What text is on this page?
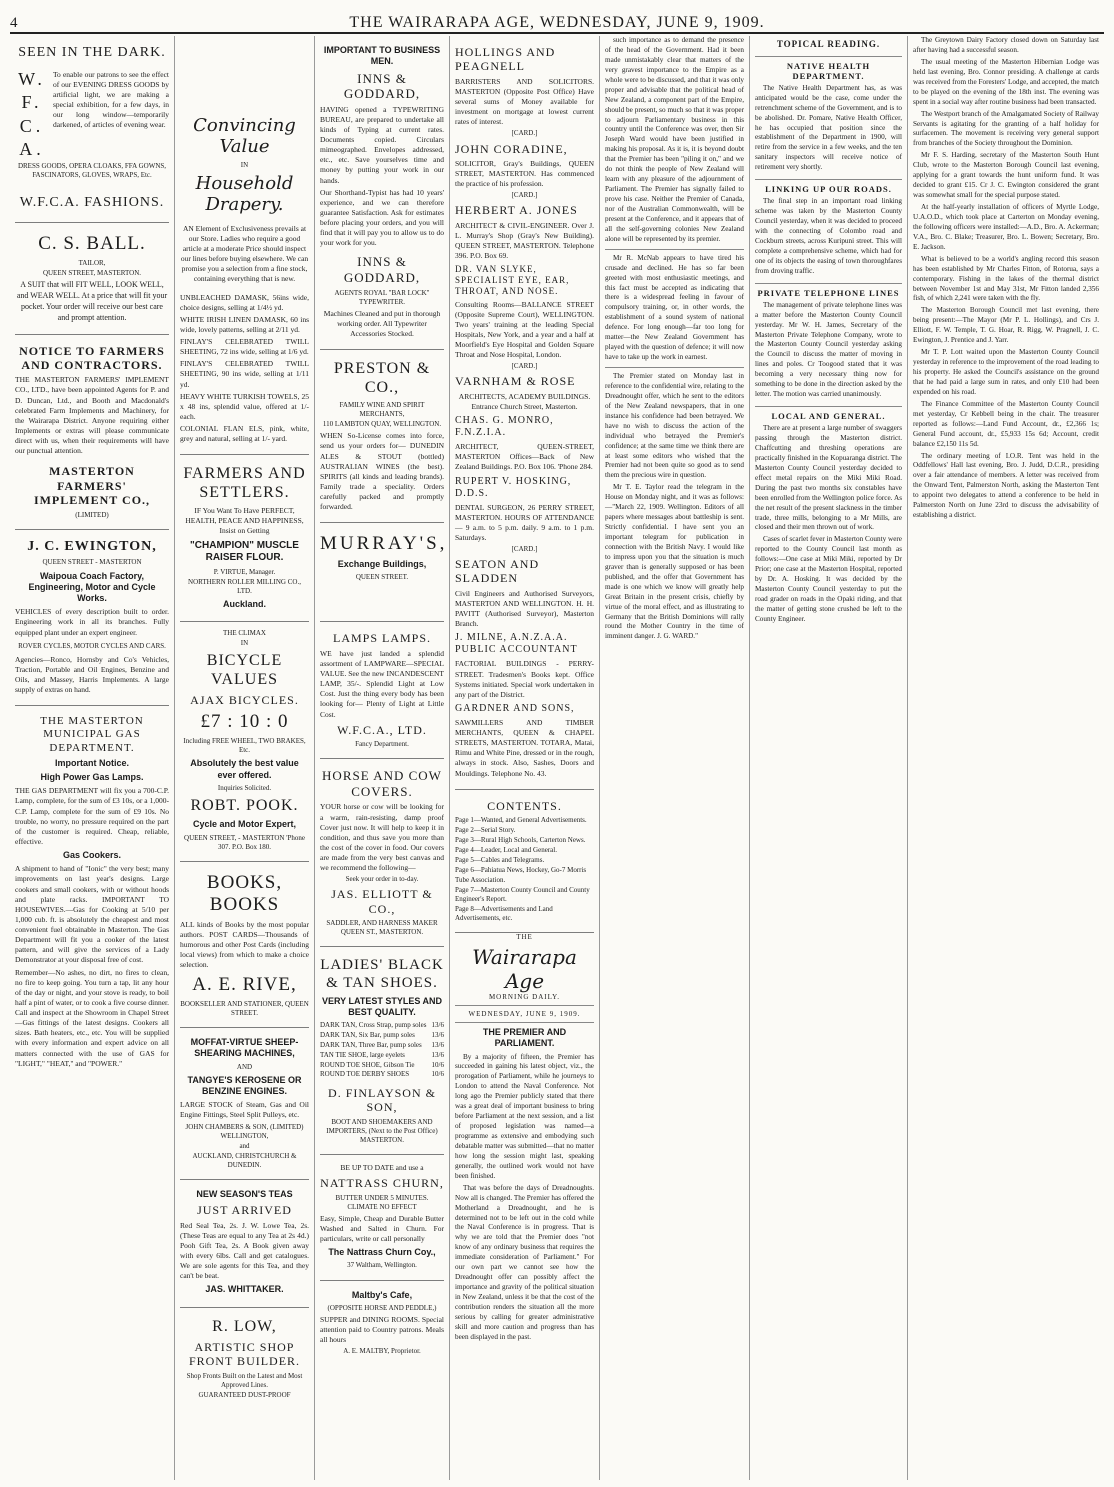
4	THE WAIRARAPA AGE, WEDNESDAY, JUNE 9, 1909.
SEEN IN THE DARK.
W. F. C. A.
To enable our patrons to see the effect of our EVENING DRESS GOODS by artificial light, we are making a special exhibition, for a few days, in our long window—temporarily darkened, of articles of evening wear.
DRESS GOODS, OPERA CLOAKS, FFA GOWNS, FASCINATORS, GLOVES, WRAPS, Etc.
W.F.C.A. FASHIONS.
C. S. BALL.
TAILOR,
QUEEN STREET, MASTERTON.
A SUIT that will FIT WELL, LOOK WELL, and WEAR WELL. At a price that will fit your pocket. Your order will receive our best care and prompt attention.
NOTICE TO FARMERS AND CONTRACTORS.
THE MASTERTON FARMERS' IMPLEMENT CO., LTD., have been appointed Agents for P. and D. Duncan, Ltd., and Booth and Macdonald's celebrated Farm Implements and Machinery, for the Wairarapa District. Anyone requiring either Implements or extras will please communicate direct with us, when their requirements will have our punctual attention.
MASTERTON FARMERS' IMPLEMENT CO.,
(LIMITED)
J. C. EWINGTON,
QUEEN STREET - MASTERTON
Waipoua Coach Factory, Engineering, Motor and Cycle Works.
VEHICLES of every description built to order. Engineering work in all its branches. Fully equipped plant under an expert engineer.
ROVER CYCLES, MOTOR CYCLES AND CARS.
Agencies—Ronco, Hornsby and Co's Vehicles, Traction, Portable and Oil Engines, Benzine and Oils, and Massey, Harris Implements. A large supply of extras on hand.
THE MASTERTON MUNICIPAL GAS DEPARTMENT.
Important Notice.
High Power Gas Lamps.
THE GAS DEPARTMENT will fix you a 700-C.P. Lamp, complete, for the sum of £3 10s, or a 1,000-C.P. Lamp, complete for the sum of £9 10s. No trouble, no worry, no pressure required on the part of the customer is required. Cheap, reliable, effective.
Gas Cookers.
A shipment to hand of "Ionic" the very best; many improvements on last year's designs. Large cookers and small cookers, with or without hoods and plate racks. IMPORTANT TO HOUSEWIVES.—Gas for Cooking at 5/10 per 1,000 cub. ft. is absolutely the cheapest and most convenient fuel obtainable in Masterton. The Gas Department will fit you a cooker of the latest pattern, and will give the services of a Lady Demonstrator at your disposal free of cost.
Remember—No ashes, no dirt, no fires to clean, no fire to keep going. You turn a tap, lit any hour of the day or night, and your stove is ready, to boil half a pint of water, or to cook a five course dinner. Call and inspect at the Showroom in Chapel Street—Gas fittings of the latest designs. Cookers all sizes. Bath heaters, etc., etc. You will be supplied with every information and expert advice on all matters connected with the use of GAS for "LIGHT," "HEAT," and "POWER."
Convincing Value
IN
Household Drapery.
AN Element of Exclusiveness prevails at our Store. Ladies who require a good article at a moderate Price should inspect our lines before buying elsewhere. We can promise you a selection from a fine stock, containing everything that is new.
UNBLEACHED DAMASK, 56ins wide, choice designs, selling at 1/4½ yd.
WHITE IRISH LINEN DAMASK, 60 ins wide, lovely patterns, selling at 2/11 yd.
FINLAY'S CELEBRATED TWILL SHEETING, 72 ins wide, selling at 1/6 yd.
FINLAY'S CELEBRATED TWILL SHEETING, 90 ins wide, selling at 1/11 yd.
HEAVY WHITE TURKISH TOWELS, 25 x 48 ins, splendid value, offered at 1/- each.
COLONIAL FLAN ELS, pink, white, grey and natural, selling at 1/- yard.
FARMERS AND SETTLERS.
IF You Want To Have PERFECT, HEALTH, PEACE AND HAPPINESS, Insist on Getting
"CHAMPION" MUSCLE RAISER FLOUR.
P. VIRTUE, Manager.
NORTHERN ROLLER MILLING CO., LTD.
Auckland.
THE CLIMAX
IN
BICYCLE VALUES
AJAX BICYCLES.
£7 : 10 : 0
Including FREE WHEEL, TWO BRAKES, Etc.
Absolutely the best value ever offered.
Inquiries Solicited.
ROBT. POOK.
Cycle and Motor Expert,
QUEEN STREET, - MASTERTON 'Phone 307. P.O. Box 180.
BOOKS, BOOKS
ALL kinds of Books by the most popular authors. POST CARDS—Thousands of humorous and other Post Cards (including local views) from which to make a choice selection.
A. E. RIVE,
BOOKSELLER AND STATIONER, QUEEN STREET.
MOFFAT-VIRTUE SHEEP-SHEARING MACHINES,
AND
TANGYE'S KEROSENE OR BENZINE ENGINES.
LARGE STOCK of Steam, Gas and Oil Engine Fittings, Steel Split Pulleys, etc.
JOHN CHAMBERS & SON, (LIMITED) WELLINGTON,
and
AUCKLAND, CHRISTCHURCH & DUNEDIN.
NEW SEASON'S TEAS
JUST ARRIVED
Red Seal Tea, 2s. J. W. Lowe Tea, 2s. (These Teas are equal to any Tea at 2s 4d.) Pooh Gift Tea, 2s. A Book given away with every 6lbs. Call and get catalogues. We are sole agents for this Tea, and they can't be beat.
JAS. WHITTAKER.
R. LOW,
ARTISTIC SHOP FRONT BUILDER.
Shop Fronts Built on the Latest and Most Approved Lines.
GUARANTEED DUST-PROOF
IMPORTANT TO BUSINESS MEN.
INNS & GODDARD,
HAVING opened a TYPEWRITING BUREAU, are prepared to undertake all kinds of Typing at current rates. Documents copied. Circulars mimeographed. Envelopes addressed, etc., etc. Save yourselves time and money by putting your work in our hands.
Our Shorthand-Typist has had 10 years' experience, and we can therefore guarantee Satisfaction. Ask for estimates before placing your orders, and you will find that it will pay you to allow us to do your work for you.
INNS & GODDARD,
AGENTS ROYAL "BAR LOCK" TYPEWRITER.
Machines Cleaned and put in thorough working order. All Typewriter Accessories Stocked.
PRESTON & CO.,
FAMILY WINE AND SPIRIT MERCHANTS,
110 LAMBTON QUAY, WELLINGTON.
WHEN So-License comes into force, send us your orders for— DUNEDIN ALES & STOUT (bottled) AUSTRALIAN WINES (the best). SPIRITS (all kinds and leading brands). Family trade a speciality. Orders carefully packed and promptly forwarded.
MURRAY'S,
Exchange Buildings,
QUEEN STREET.
LAMPS LAMPS.
WE have just landed a splendid assortment of LAMPWARE—SPECIAL VALUE. See the new INCANDESCENT LAMP, 35/-. Splendid Light at Low Cost. Just the thing every body has been looking for— Plenty of Light at Little Cost.
W.F.C.A., LTD.
Fancy Department.
HORSE AND COW COVERS.
YOUR horse or cow will be looking for a warm, rain-resisting, damp proof Cover just now. It will help to keep it in condition, and thus save you more than the cost of the cover in food. Our covers are made from the very best canvas and we recommend the following—
Seek your order in to-day.
JAS. ELLIOTT & CO.,
SADDLER, AND HARNESS MAKER QUEEN ST., MASTERTON.
LADIES' BLACK & TAN SHOES.
VERY LATEST STYLES AND BEST QUALITY.
DARK TAN, Cross Strap, pump soles 13/6
DARK TAN, Six Bar, pump soles 13/6
DARK TAN, Three Bar, pump soles 13/6
TAN TIE SHOE, large eyelets	13/6
ROUND TOE SHOE, Gibson Tie 10/6
ROUND TOE DERBY SHOES	10/6
D. FINLAYSON & SON,
BOOT AND SHOEMAKERS AND IMPORTERS, (Next to the Post Office) MASTERTON.
BE UP TO DATE and use a
NATTRASS CHURN,
BUTTER UNDER 5 MINUTES. CLIMATE NO EFFECT
Easy, Simple, Cheap and Durable Butter Washed and Salted in Churn. For particulars, write or call personally
The Nattrass Churn Coy.,
37 Waltham, Wellington.
Maltby's Cafe,
(OPPOSITE HORSE AND PEDDLE,)
SUPPER and DINING ROOMS. Special attention paid to Country patrons. Meals all hours
A. E. MALTBY, Proprietor.
HOLLINGS AND PEAGNELL
BARRISTERS AND SOLICITORS. MASTERTON (Opposite Post Office) Have several sums of Money available for investment on mortgage at lowest current rates of interest.
[CARD.]
JOHN CORADINE,
SOLICITOR, Gray's Buildings, QUEEN STREET, MASTERTON. Has commenced the practice of his profession.
[CARD.]
HERBERT A. JONES
ARCHITECT & CIVIL-ENGINEER. Over J. L. Murray's Shop (Gray's New Building). QUEEN STREET, MASTERTON. Telephone 396. P.O. Box 69.
DR. VAN SLYKE, SPECIALIST EYE, EAR, THROAT, AND NOSE.
Consulting Rooms—BALLANCE STREET (Opposite Supreme Court), WELLINGTON. Two years' training at the leading Special Hospitals, New York, and a year and a half at Moorfield's Eye Hospital and Golden Square Throat and Nose Hospital, London.
[CARD.]
VARNHAM & ROSE
ARCHITECTS, ACADEMY BUILDINGS. Entrance Church Street, Masterton.
CHAS. G. MONRO, F.N.Z.I.A.
ARCHITECT, QUEEN-STREET, MASTERTON Offices—Back of New Zealand Buildings. P.O. Box 106. 'Phone 284.
RUPERT V. HOSKING, D.D.S.
DENTAL SURGEON, 26 PERRY STREET, MASTERTON. HOURS OF ATTENDANCE— 9 a.m. to 5 p.m. daily. 9 a.m. to 1 p.m. Saturdays.
[CARD.]
SEATON AND SLADDEN
Civil Engineers and Authorised Surveyors, MASTERTON AND WELLINGTON. H. H. PAVITT (Authorised Surveyor), Masterton Branch.
J. MILNE, A.N.Z.A.A. PUBLIC ACCOUNTANT
FACTORIAL BUILDINGS - PERRY-STREET. Tradesmen's Books kept. Office Systems initiated. Special work undertaken in any part of the District.
GARDNER AND SONS,
SAWMILLERS AND TIMBER MERCHANTS, QUEEN & CHAPEL STREETS, MASTERTON. TOTARA, Matai, Rimu and White Pine, dressed or in the rough, always in stock. Also, Sashes, Doors and Mouldings. Telephone No. 43.
CONTENTS.
Page 1—Wanted, and General Advertisements.
Page 2—Serial Story.
Page 3—Rural High Schools, Carterton News.
Page 4—Leader, Local and General.
Page 5—Cables and Telegrams.
Page 6—Pahiatua News, Hockey, Go-7 Morris Tube Association.
Page 7—Masterton County Council and County Engineer's Report.
Page 8—Advertisements and Land Advertisements, etc.
THE
Wairarapa Age
MORNING DAILY.
WEDNESDAY, JUNE 9, 1909.
THE PREMIER AND PARLIAMENT.

By a majority of fifteen, the Premier has succeeded in gaining his latest object, viz., the prorogation of Parliament, while he journeys to London to attend the Naval Conference. Not long ago the Premier publicly stated that there was a great deal of important business to bring before Parliament at the next session, and a list of proposed legislation was named—a programme as extensive and embodying such debatable matter was submitted—that no matter how long the session might last, speaking generally, the outlined work would not have been finished.

That was before the days of Dreadnoughts. Now all is changed. The Premier has offered the Motherland a Dreadnought, and he is determined not to be left out in the cold while the Naval Conference is in progress. That is why we are told that the Premier does "not know of any ordinary business that requires the immediate consideration of Parliament." For our own part we cannot see how the Dreadnought offer can possibly affect the importance and gravity of the political situation in New Zealand, unless it be that the cost of the contribution renders the situation all the more serious by calling for greater administrative skill and more caution and progress than has been displayed in the past.

such importance as to demand the presence of the head of the Government. Had it been made unmistakably clear that matters of the very gravest importance to the Empire as a whole were to be discussed, and that it was only proper and advisable that the political head of New Zealand, a component part of the Empire, should be present, so much so that it was proper to adjourn Parliamentary business in this country until the Conference was over, then Sir Joseph Ward would have been justified in making his proposal. As it is, it is beyond doubt that the Premier has been "piling it on," and we do not think the people of New Zealand will learn with any pleasure of the adjournment of Parliament. The Premier has signally failed to prove his case. Neither the Premier of Canada, nor of the Australian Commonwealth, will be present at the Conference, and it appears that of all the self-governing colonies New Zealand alone will be represented by its premier.

Mr R. McNab appears to have tired his crusade and declined. He has so far been greeted with most enthusiastic meetings, and this fact must be accepted as indicating that there is a widespread feeling in favour of compulsory training, or, in other words, the establishment of a sound system of national defence. For long enough—far too long for matter—the New Zealand Government has played with the question of defence; it will now have to take up the work in earnest.

The Premier stated on Monday last in reference to the confidential wire, relating to the Dreadnought offer, which he sent to the editors of the New Zealand newspapers, that in one instance his confidence had been betrayed. We have no wish to discuss the action of the individual who betrayed the Premier's confidence; at the same time we think there are at least some editors who wished that the Premier had not been quite so good as to send them the precious wire in question.

Mr T. E. Taylor read the telegram in the House on Monday night, and it was as follows:—"March 22, 1909. Wellington. Editors of all papers where messages about battleship is sent. Strictly confidential. I have sent you an important telegram for publication in connection with the British Navy. I would like to impress upon you that the situation is much graver than is generally supposed or has been published, and the offer that Government has made is one which we know will greatly help Great Britain in the present crisis, chiefly by virtue of the moral effect, and as illustrating to Germany that the British Dominions will rally round the Mother Country in the time of imminent danger. J. G. WARD."

TOPICAL READING.
NATIVE HEALTH DEPARTMENT.

The Native Health Department has, as was anticipated would be the case, come under the retrenchment scheme of the Government, and is to be abolished. Dr. Pomare, Native Health Officer, he has occupied that position since the establishment of the Department in 1900, will retire from the service in a few weeks, and the ten sanitary inspectors will receive notice of retirement very shortly.

LINKING UP OUR ROADS.

The final step in an important road linking scheme was taken by the Masterton County Council yesterday, when it was decided to proceed with the connecting of Colombo road and Cockburn streets, across Kuripuni street. This will complete a comprehensive scheme, which had for one of its objects the easing of town thoroughfares from droving traffic.

PRIVATE TELEPHONE LINES

The management of private telephone lines was a matter before the Masterton County Council yesterday. Mr W. H. James, Secretary of the Masterton Private Telephone Company, wrote to the Masterton County Council yesterday asking the Council to discuss the matter of moving in lines and poles. Cr Toogood stated that it was becoming a very necessary thing now for something to be done in the direction asked by the letter. The motion was carried unanimously.

LOCAL AND GENERAL.

There are at present a large number of swaggers passing through the Masterton district. Chaffcutting and threshing operations are practically finished in the Kopuaranga district. The Masterton County Council yesterday decided to effect metal repairs on the Miki Miki Road. During the past two months six constables have been enrolled from the Wellington police force. As the net result of the present slackness in the timber trade, three mills, belonging to a Mr Mills, are closed and their men thrown out of work.

Cases of scarlet fever in Masterton County were reported to the County Council last month as follows:—One case at Miki Miki, reported by Dr Prior; one case at the Masterton Hospital, reported by Dr. A. Hosking. It was decided by the Masterton County Council yesterday to put the road grader on roads in the Opaki riding, and that the matter of getting stone crushed be left to the County Engineer.

The Greytown Dairy Factory closed down on Saturday last after having had a successful season.

The usual meeting of the Masterton Hibernian Lodge was held last evening, Bro. Connor presiding. A challenge at cards was received from the Foresters' Lodge, and accepted, the match to be played on the evening of the 18th inst. The evening was spent in a social way after routine business had been transacted.

The Westport branch of the Amalgamated Society of Railway Servants is agitating for the granting of a half holiday for surfacemen. The movement is receiving very general support from branches of the Society throughout the Dominion.

Mr F. S. Harding, secretary of the Masterton South Hunt Club, wrote to the Masterton Borough Council last evening, applying for a grant towards the hunt uniform fund. It was decided to grant £15. Cr J. C. Ewington considered the grant was somewhat small for the special purpose stated.

At the half-yearly installation of officers of Myrtle Lodge, U.A.O.D., which took place at Carterton on Monday evening, the following officers were installed:—A.D., Bro. A. Ackerman; V.A., Bro. C. Blake; Treasurer, Bro. L. Bowen; Secretary, Bro. E. Jackson.

What is believed to be a world's angling record this season has been established by Mr Charles Fitton, of Rotorua, says a contemporary. Fishing in the lakes of the thermal district between November 1st and May 31st, Mr Fitton landed 2,356 fish, of which 2,241 were taken with the fly.

The Masterton Borough Council met last evening, there being present:—The Mayor (Mr P. L. Hollings), and Crs J. Elliott, F. W. Temple, T. G. Hoar, R. Rigg, W. Pragnell, J. C. Ewington, J. Prentice and J. Yarr.

Mr T. P. Lott waited upon the Masterton County Council yesterday in reference to the improvement of the road leading to his property. He asked the Council's assistance on the ground that he had paid a large sum in rates, and only £10 had been expended on his road.

The Finance Committee of the Masterton County Council met yesterday, Cr Kebbell being in the chair. The treasurer reported as follows:—Land Fund Account, dr., £2,366 1s; General Fund account, dr., £5,933 15s 6d; Account, credit balance £2,150 11s 5d.

The ordinary meeting of I.O.R. Tent was held in the Oddfellows' Hall last evening, Bro. J. Judd, D.C.R., presiding over a fair attendance of members. A letter was received from the Onward Tent, Palmerston North, asking the Masterton Tent to appoint two delegates to attend a conference to be held in Palmerston North on June 23rd to discuss the advisability of establishing a district.
